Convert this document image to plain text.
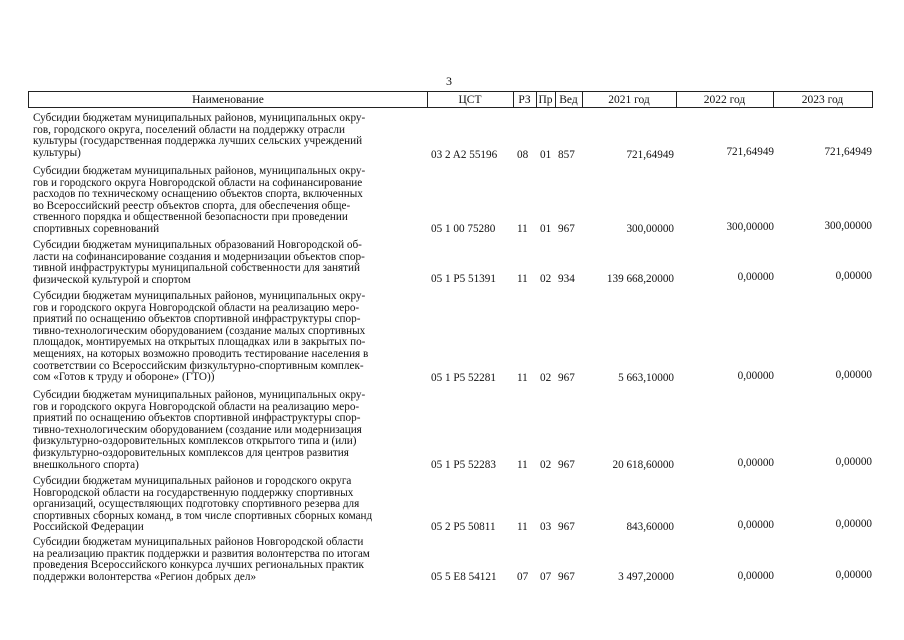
3
Наименование	ЦСТ	РЗ Пр Вед	2021 год	2022 год	2023 год
Субсидии бюджетам муниципальных районов, муниципальных окру-
гов, городского округа, поселений области на поддержку отрасли
культуры (государственная поддержка лучших сельских учреждений
культуры)	03 2 A2 55196 08 01 857	721,64949	721,64949	721,64949
Субсидии бюджетам муниципальных районов, муниципальных окру-
гов и городского округа Новгородской области на софинансирование
расходов по техническому оснащению объектов спорта, включенных
во Всероссийский реестр объектов спорта, для обеспечения обще-
ственного порядка и общественной безопасности при проведении
спортивных соревнований	05 1 00 75280 11 01 967	300,00000	300,00000	300,00000
Субсидии бюджетам муниципальных образований Новгородской об-
ласти на софинансирование создания и модернизации объектов спор-
тивной инфраструктуры муниципальной собственности для занятий
физической культурой и спортом	05 1 P5 51391 11 02 934	139 668,20000	0,00000	0,00000
Субсидии бюджетам муниципальных районов, муниципальных окру-
гов и городского округа Новгородской области на реализацию меро-
приятий по оснащению объектов спортивной инфраструктуры спор-
тивно-технологическим оборудованием (создание малых спортивных
площадок, монтируемых на открытых площадках или в закрытых по-
мещениях, на которых возможно проводить тестирование населения в
соответствии со Всероссийским физкультурно-спортивным комплек-
сом «Готов к труду и обороне» (ГТО))	05 1 P5 52281 11 02 967	5 663,10000	0,00000	0,00000
Субсидии бюджетам муниципальных районов, муниципальных окру-
гов и городского округа Новгородской области на реализацию меро-
приятий по оснащению объектов спортивной инфраструктуры спор-
тивно-технологическим оборудованием (создание или модернизация
физкультурно-оздоровительных комплексов открытого типа и (или)
физкультурно-оздоровительных комплексов для центров развития
внешкольного спорта)	05 1 P5 52283 11 02 967	20 618,60000	0,00000	0,00000
Субсидии бюджетам муниципальных районов и городского округа
Новгородской области на государственную поддержку спортивных
организаций, осуществляющих подготовку спортивного резерва для
спортивных сборных команд, в том числе спортивных сборных команд
Российской Федерации	05 2 P5 50811 11 03 967	843,60000	0,00000	0,00000
Субсидии бюджетам муниципальных районов Новгородской области
на реализацию практик поддержки и развития волонтерства по итогам
проведения Всероссийского конкурса лучших региональных практик
поддержки волонтерства «Регион добрых дел»	05 5 E8 54121 07 07 967	3 497,20000	0,00000	0,00000
